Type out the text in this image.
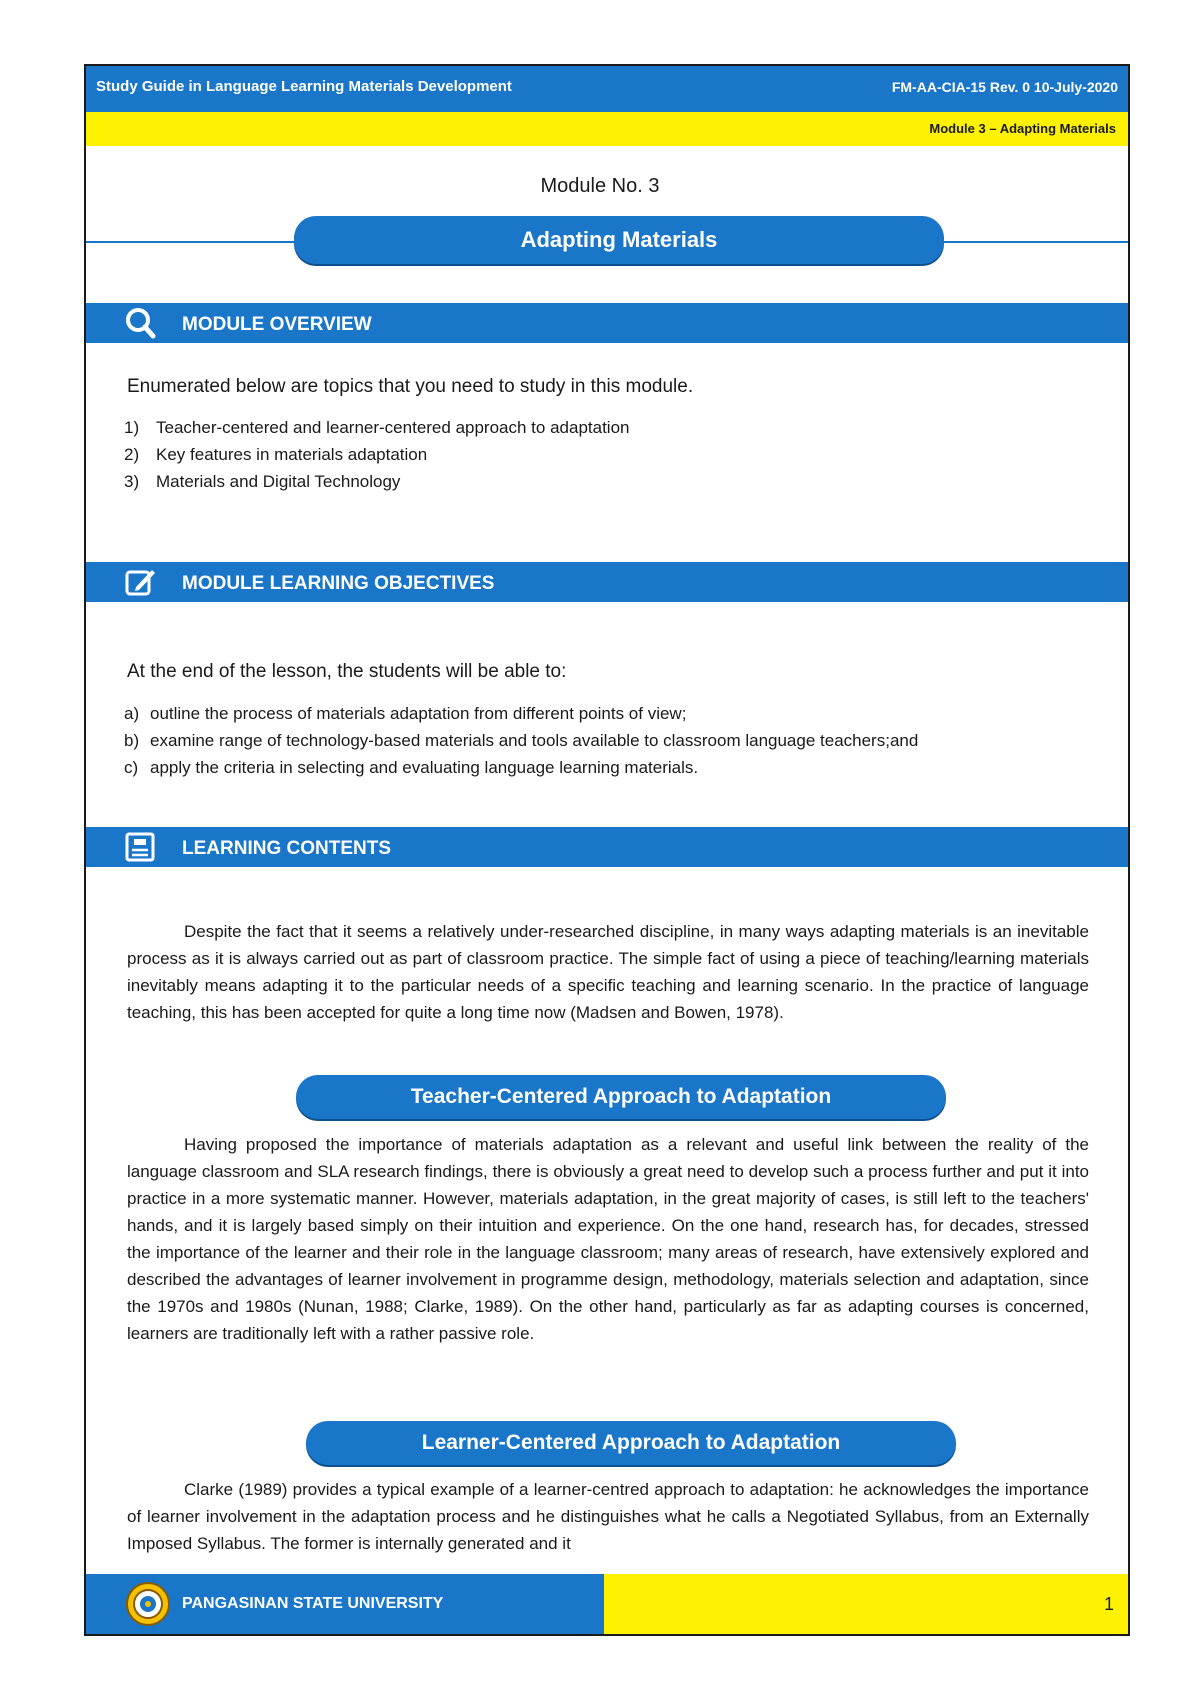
Study Guide in Language Learning Materials Development	FM-AA-CIA-15 Rev. 0 10-July-2020
Module 3 – Adapting Materials
Module No. 3
Adapting Materials
MODULE OVERVIEW
Enumerated below are topics that you need to study in this module.
1) Teacher-centered and learner-centered approach to adaptation
2) Key features in materials adaptation
3) Materials and Digital Technology
MODULE LEARNING OBJECTIVES
At the end of the lesson, the students will be able to:
a) outline the process of materials adaptation from different points of view;
b) examine range of technology-based materials and tools available to classroom language teachers;and
c) apply the criteria in selecting and evaluating language learning materials.
LEARNING CONTENTS
Despite the fact that it seems a relatively under-researched discipline, in many ways adapting materials is an inevitable process as it is always carried out as part of classroom practice. The simple fact of using a piece of teaching/learning materials inevitably means adapting it to the particular needs of a specific teaching and learning scenario. In the practice of language teaching, this has been accepted for quite a long time now (Madsen and Bowen, 1978).
Teacher-Centered Approach to Adaptation
Having proposed the importance of materials adaptation as a relevant and useful link between the reality of the language classroom and SLA research findings, there is obviously a great need to develop such a process further and put it into practice in a more systematic manner. However, materials adaptation, in the great majority of cases, is still left to the teachers' hands, and it is largely based simply on their intuition and experience. On the one hand, research has, for decades, stressed the importance of the learner and their role in the language classroom; many areas of research, have extensively explored and described the advantages of learner involvement in programme design, methodology, materials selection and adaptation, since the 1970s and 1980s (Nunan, 1988; Clarke, 1989). On the other hand, particularly as far as adapting courses is concerned, learners are traditionally left with a rather passive role.
Learner-Centered Approach to Adaptation
Clarke (1989) provides a typical example of a learner-centred approach to adaptation: he acknowledges the importance of learner involvement in the adaptation process and he distinguishes what he calls a Negotiated Syllabus, from an Externally Imposed Syllabus. The former is internally generated and it
PANGASINAN STATE UNIVERSITY	1
